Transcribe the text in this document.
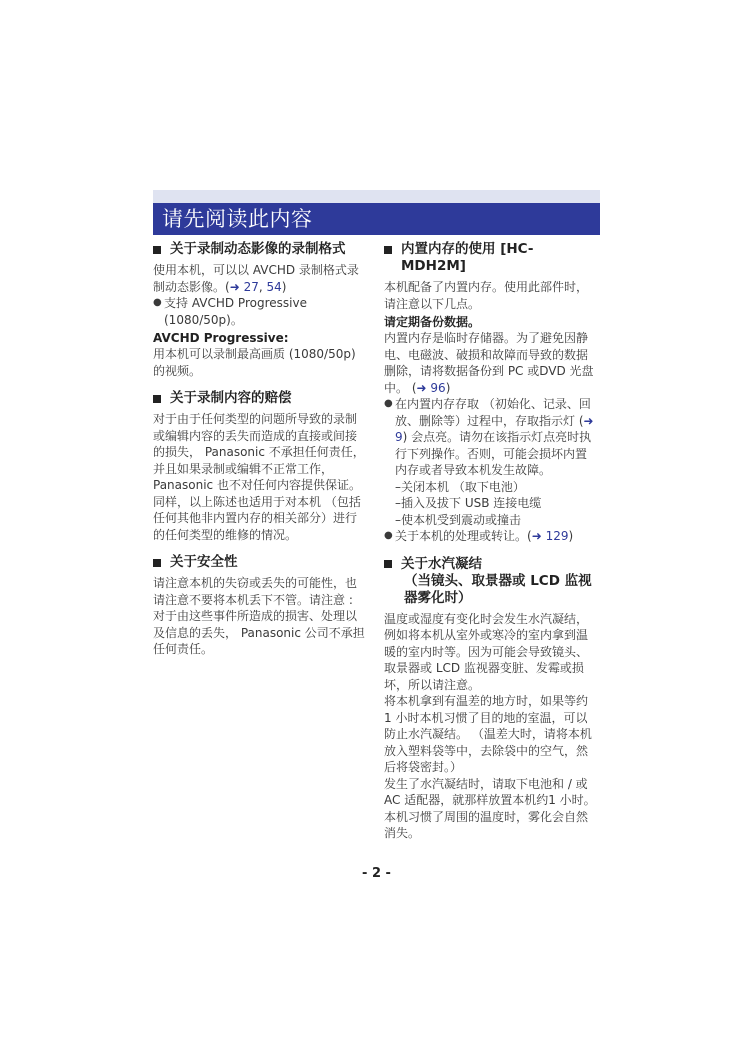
请先阅读此内容
关于录制动态影像的录制格式

使用本机，可以以 AVCHD 录制格式录制动态影像。(➜ 27, 54)

● 支持 AVCHD Progressive (1080/50p)。
AVCHD Progressive:

用本机可以录制最高画质 (1080/50p)的视频。

关于录制内容的赔偿

对于由于任何类型的问题所导致的录制或编辑内容的丢失而造成的直接或间接的损失， Panasonic 不承担任何责任，并且如果录制或编辑不正常工作， Panasonic 也不对任何内容提供保证。同样，以上陈述也适用于对本机 （包括任何其他非内置内存的相关部分）进行的任何类型的维修的情况。

关于安全性

请注意本机的失窃或丢失的可能性，也请注意不要将本机丢下不管。请注意 : 对于由这些事件所造成的损害、处理以及信息的丢失， Panasonic 公司不承担任何责任。

内置内存的使用 [HC-MDH2M]

本机配备了内置内存。使用此部件时，请注意以下几点。

请定期备份数据。

内置内存是临时存储器。为了避免因静电、电磁波、破损和故障而导致的数据删除，请将数据备份到 PC 或DVD 光盘中。 (➜ 96)

● 在内置内存存取 （初始化、记录、回放、删除等）过程中，存取指示灯 (➜ 9) 会点亮。请勿在该指示灯点亮时执行下列操作。否则，可能会损坏内置内存或者导致本机发生故障。
–关闭本机 （取下电池）
–插入及拔下 USB 连接电缆
–使本机受到震动或撞击
● 关于本机的处理或转让。(➜ 129)
关于水汽凝结
（当镜头、取景器或 LCD 监视器雾化时）

温度或湿度有变化时会发生水汽凝结，例如将本机从室外或寒冷的室内拿到温暖的室内时等。因为可能会导致镜头、取景器或 LCD 监视器变脏、发霉或损坏，所以请注意。

将本机拿到有温差的地方时，如果等约 1 小时本机习惯了目的地的室温，可以防止水汽凝结。 （温差大时，请将本机放入塑料袋等中，去除袋中的空气，然后将袋密封。）

发生了水汽凝结时，请取下电池和 / 或 AC 适配器，就那样放置本机约1 小时。本机习惯了周围的温度时，雾化会自然消失。

- 2 -
